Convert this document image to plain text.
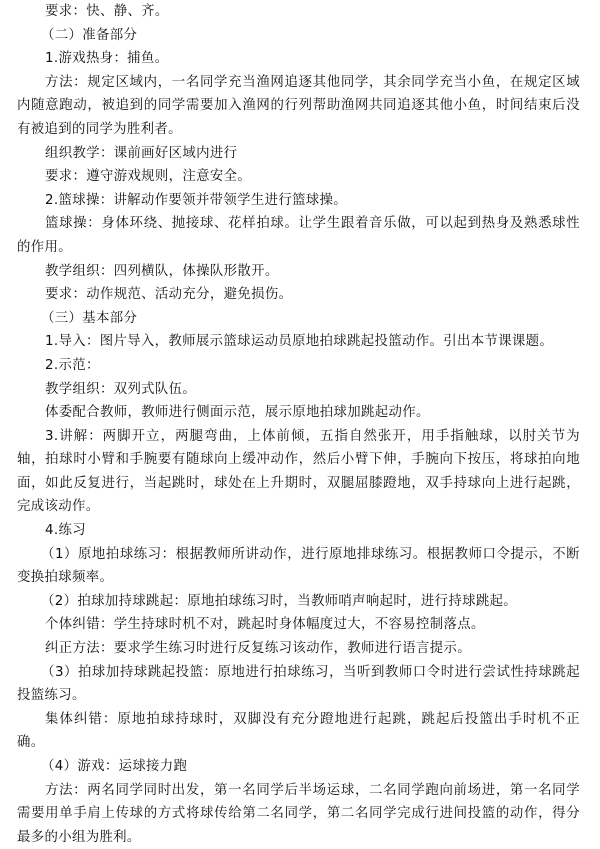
要求：快、静、齐。

（二）准备部分

1.游戏热身：捕鱼。

方法：规定区域内，一名同学充当渔网追逐其他同学，其余同学充当小鱼，在规定区域内随意跑动，被追到的同学需要加入渔网的行列帮助渔网共同追逐其他小鱼，时间结束后没有被追到的同学为胜利者。

组织教学：课前画好区域内进行

要求：遵守游戏规则，注意安全。

2.篮球操：讲解动作要领并带领学生进行篮球操。

篮球操：身体环绕、抛接球、花样拍球。让学生跟着音乐做，可以起到热身及熟悉球性的作用。

教学组织：四列横队，体操队形散开。

要求：动作规范、活动充分，避免损伤。

（三）基本部分

1.导入：图片导入，教师展示篮球运动员原地拍球跳起投篮动作。引出本节课课题。

2.示范：

教学组织：双列式队伍。

体委配合教师，教师进行侧面示范，展示原地拍球加跳起动作。

3.讲解：两脚开立，两腿弯曲，上体前倾，五指自然张开，用手指触球，以肘关节为轴，拍球时小臂和手腕要有随球向上缓冲动作，然后小臂下伸，手腕向下按压，将球拍向地面，如此反复进行，当起跳时，球处在上升期时，双腿屈膝蹬地，双手持球向上进行起跳，完成该动作。

4.练习

（1）原地拍球练习：根据教师所讲动作，进行原地排球练习。根据教师口令提示，不断变换拍球频率。

（2）拍球加持球跳起：原地拍球练习时，当教师哨声响起时，进行持球跳起。

个体纠错：学生持球时机不对，跳起时身体幅度过大，不容易控制落点。

纠正方法：要求学生练习时进行反复练习该动作，教师进行语言提示。

（3）拍球加持球跳起投篮：原地进行拍球练习，当听到教师口令时进行尝试性持球跳起投篮练习。

集体纠错：原地拍球持球时，双脚没有充分蹬地进行起跳，跳起后投篮出手时机不正确。

（4）游戏：运球接力跑

方法：两名同学同时出发，第一名同学后半场运球，二名同学跑向前场进，第一名同学需要用单手肩上传球的方式将球传给第二名同学，第二名同学完成行进间投篮的动作，得分最多的小组为胜利。
